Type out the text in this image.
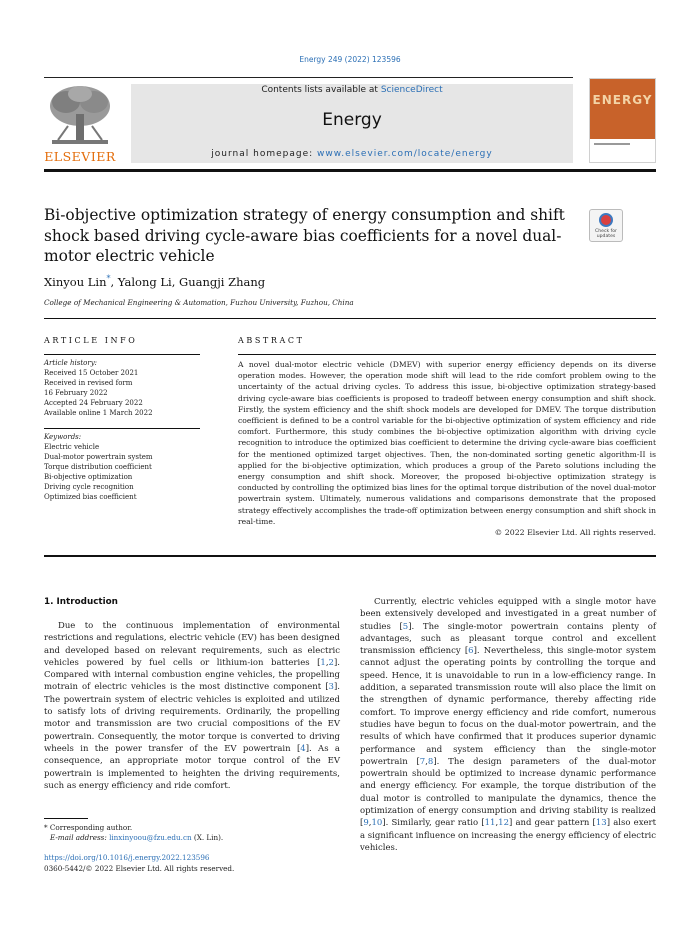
Energy 249 (2022) 123596
ELSEVIER
Contents lists available at ScienceDirect
Energy
journal homepage: www.elsevier.com/locate/energy
ENERGY
Bi-objective optimization strategy of energy consumption and shift shock based driving cycle-aware bias coefficients for a novel dual-motor electric vehicle
Check for updates
Xinyou Lin*, Yalong Li, Guangji Zhang
College of Mechanical Engineering & Automation, Fuzhou University, Fuzhou, China
ARTICLE INFO
Article history:
Received 15 October 2021
Received in revised form
16 February 2022
Accepted 24 February 2022
Available online 1 March 2022
Keywords:
Electric vehicle
Dual-motor powertrain system
Torque distribution coefficient
Bi-objective optimization
Driving cycle recognition
Optimized bias coefficient
ABSTRACT
A novel dual-motor electric vehicle (DMEV) with superior energy efficiency depends on its diverse operation modes. However, the operation mode shift will lead to the ride comfort problem owing to the uncertainty of the actual driving cycles. To address this issue, bi-objective optimization strategy-based driving cycle-aware bias coefficients is proposed to tradeoff between energy consumption and shift shock. Firstly, the system efficiency and the shift shock models are developed for DMEV. The torque distribution coefficient is defined to be a control variable for the bi-objective optimization of system efficiency and ride comfort. Furthermore, this study combines the bi-objective optimization algorithm with driving cycle recognition to introduce the optimized bias coefficient to determine the driving cycle-aware bias coefficient for the mentioned optimized target objectives. Then, the non-dominated sorting genetic algorithm-II is applied for the bi-objective optimization, which produces a group of the Pareto solutions including the energy consumption and shift shock. Moreover, the proposed bi-objective optimization strategy is conducted by controlling the optimized bias lines for the optimal torque distribution of the novel dual-motor powertrain system. Ultimately, numerous validations and comparisons demonstrate that the proposed strategy effectively accomplishes the trade-off optimization between energy consumption and shift shock in real-time.
© 2022 Elsevier Ltd. All rights reserved.
1. Introduction

Due to the continuous implementation of environmental restrictions and regulations, electric vehicle (EV) has been designed and developed based on relevant requirements, such as electric vehicles powered by fuel cells or lithium-ion batteries [1,2]. Compared with internal combustion engine vehicles, the propelling motrain of electric vehicles is the most distinctive component [3]. The powertrain system of electric vehicles is exploited and utilized to satisfy lots of driving requirements. Ordinarily, the propelling motor and transmission are two crucial compositions of the EV powertrain. Consequently, the motor torque is converted to driving wheels in the power transfer of the EV powertrain [4]. As a consequence, an appropriate motor torque control of the EV powertrain is implemented to heighten the driving requirements, such as energy efficiency and ride comfort.

Currently, electric vehicles equipped with a single motor have been extensively developed and investigated in a great number of studies [5]. The single-motor powertrain contains plenty of advantages, such as pleasant torque control and excellent transmission efficiency [6]. Nevertheless, this single-motor system cannot adjust the operating points by controlling the torque and speed. Hence, it is unavoidable to run in a low-efficiency range. In addition, a separated transmission route will also place the limit on the strengthen of dynamic performance, thereby affecting ride comfort. To improve energy efficiency and ride comfort, numerous studies have begun to focus on the dual-motor powertrain, and the results of which have confirmed that it produces superior dynamic performance and system efficiency than the single-motor powertrain [7,8]. The design parameters of the dual-motor powertrain should be optimized to increase dynamic performance and energy efficiency. For example, the torque distribution of the dual motor is controlled to manipulate the dynamics, thence the optimization of energy consumption and driving stability is realized [9,10]. Similarly, gear ratio [11,12] and gear pattern [13] also exert a significant influence on increasing the energy efficiency of electric vehicles.

* Corresponding author.
E-mail address: linxinyoou@fzu.edu.cn (X. Lin).
https://doi.org/10.1016/j.energy.2022.123596
0360-5442/© 2022 Elsevier Ltd. All rights reserved.
